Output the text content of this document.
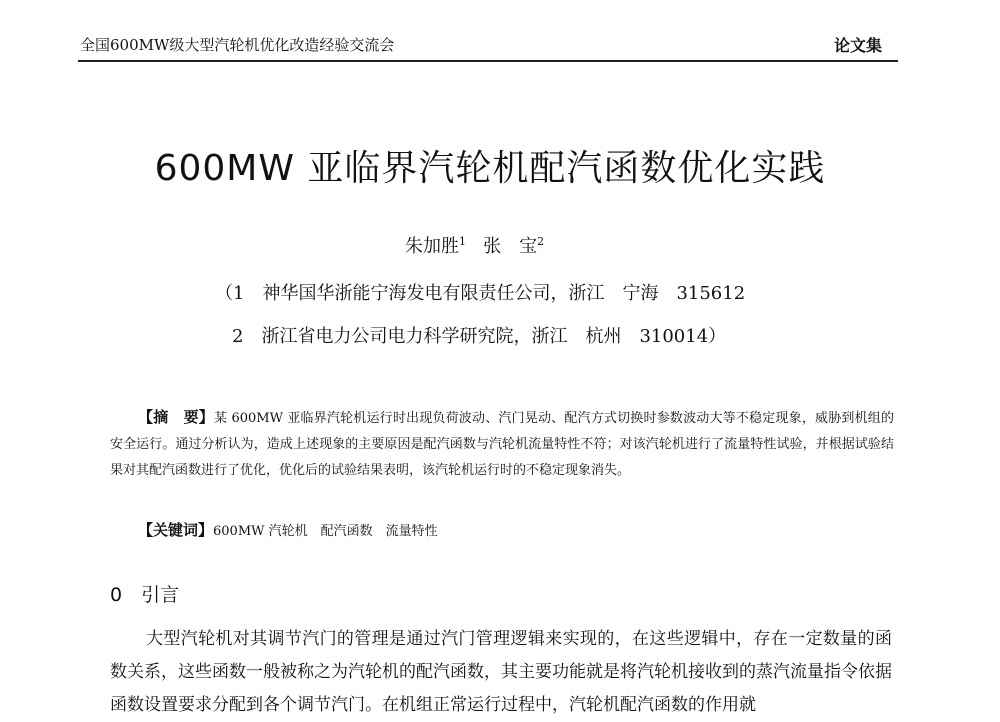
全国600MW级大型汽轮机优化改造经验交流会	论文集
600MW 亚临界汽轮机配汽函数优化实践
朱加胜$^1$ 张　宝$^2$
（1　神华国华浙能宁海发电有限责任公司，浙江　宁海　315612
2　浙江省电力公司电力科学研究院，浙江　杭州　310014）
【摘　要】某 600MW 亚临界汽轮机运行时出现负荷波动、汽门晃动、配汽方式切换时参数波动大等不稳定现象，威胁到机组的安全运行。通过分析认为，造成上述现象的主要原因是配汽函数与汽轮机流量特性不符；对该汽轮机进行了流量特性试验，并根据试验结果对其配汽函数进行了优化，优化后的试验结果表明，该汽轮机运行时的不稳定现象消失。
【关键词】600MW 汽轮机　配汽函数　流量特性
0　引言
大型汽轮机对其调节汽门的管理是通过汽门管理逻辑来实现的，在这些逻辑中，存在一定数量的函数关系，这些函数一般被称之为汽轮机的配汽函数，其主要功能就是将汽轮机接收到的蒸汽流量指令依据函数设置要求分配到各个调节汽门。在机组正常运行过程中，汽轮机配汽函数的作用就
